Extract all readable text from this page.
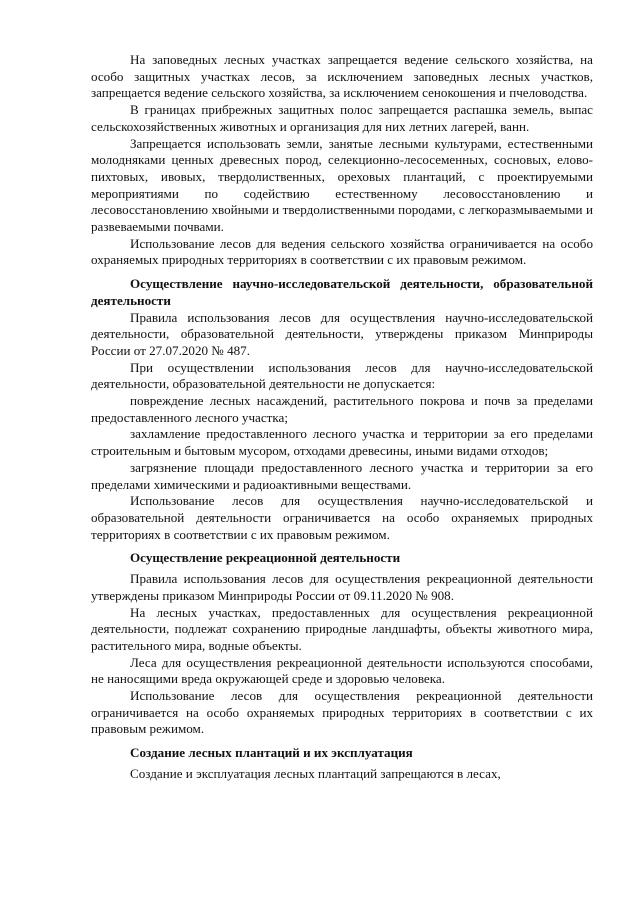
На заповедных лесных участках запрещается ведение сельского хозяйства, на особо защитных участках лесов, за исключением заповедных лесных участков, запрещается ведение сельского хозяйства, за исключением сенокошения и пчеловодства.

В границах прибрежных защитных полос запрещается распашка земель, выпас сельскохозяйственных животных и организация для них летних лагерей, ванн.

Запрещается использовать земли, занятые лесными культурами, естественными молодняками ценных древесных пород, селекционно-лесосеменных, сосновых, елово-пихтовых, ивовых, твердолиственных, ореховых плантаций, с проектируемыми мероприятиями по содействию естественному лесовосстановлению и лесовосстановлению хвойными и твердолиственными породами, с легкоразмываемыми и развеваемыми почвами.

Использование лесов для ведения сельского хозяйства ограничивается на особо охраняемых природных территориях в соответствии с их правовым режимом.

Осуществление научно-исследовательской деятельности, образовательной деятельности

Правила использования лесов для осуществления научно-исследовательской деятельности, образовательной деятельности, утверждены приказом Минприроды России от 27.07.2020 № 487.

При осуществлении использования лесов для научно-исследовательской деятельности, образовательной деятельности не допускается:

повреждение лесных насаждений, растительного покрова и почв за пределами предоставленного лесного участка;

захламление предоставленного лесного участка и территории за его пределами строительным и бытовым мусором, отходами древесины, иными видами отходов;

загрязнение площади предоставленного лесного участка и территории за его пределами химическими и радиоактивными веществами.

Использование лесов для осуществления научно-исследовательской и образовательной деятельности ограничивается на особо охраняемых природных территориях в соответствии с их правовым режимом.

Осуществление рекреационной деятельности

Правила использования лесов для осуществления рекреационной деятельности утверждены приказом Минприроды России от 09.11.2020 № 908.

На лесных участках, предоставленных для осуществления рекреационной деятельности, подлежат сохранению природные ландшафты, объекты животного мира, растительного мира, водные объекты.

Леса для осуществления рекреационной деятельности используются способами, не наносящими вреда окружающей среде и здоровью человека.

Использование лесов для осуществления рекреационной деятельности ограничивается на особо охраняемых природных территориях в соответствии с их правовым режимом.

Создание лесных плантаций и их эксплуатация

Создание и эксплуатация лесных плантаций запрещаются в лесах,
